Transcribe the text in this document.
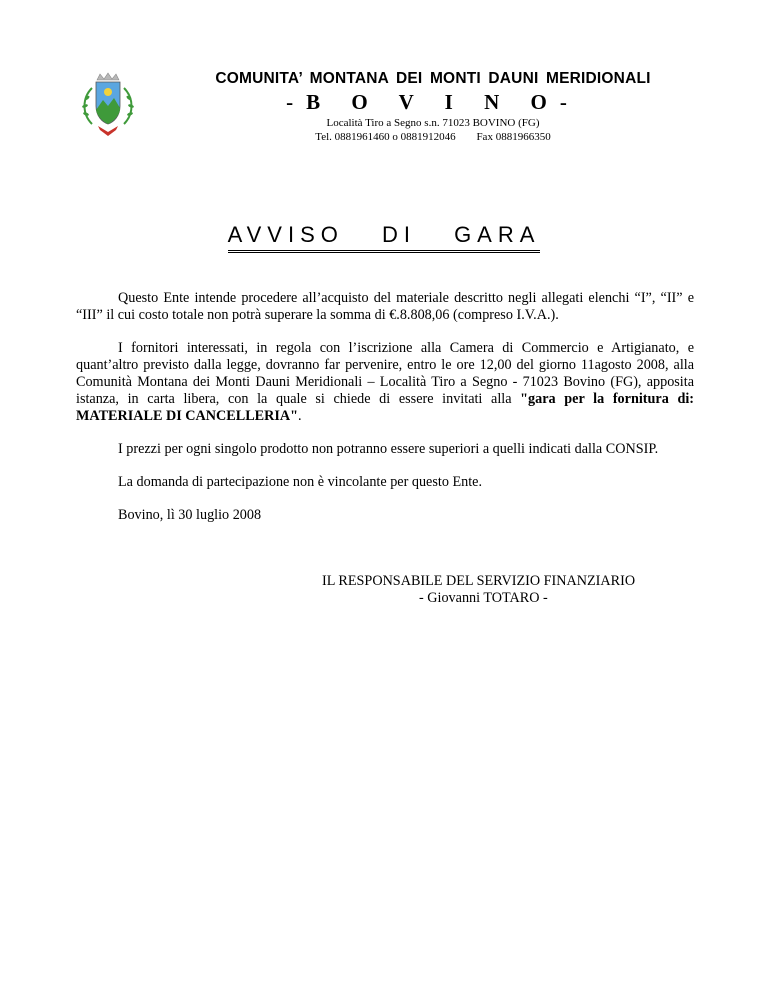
COMUNITA’ MONTANA DEI MONTI DAUNI MERIDIONALI
-B O V I N O-
Località Tiro a Segno s.n. 71023 BOVINO (FG)
Tel. 0881961460 o 0881912046 Fax 0881966350
AVVISO DI GARA

Questo Ente intende procedere all’acquisto del materiale descritto negli allegati elenchi “I”, “II” e “III” il cui costo totale non potrà superare la somma di €.8.808,06 (compreso I.V.A.).

I fornitori interessati, in regola con l’iscrizione alla Camera di Commercio e Artigianato, e quant’altro previsto dalla legge, dovranno far pervenire, entro le ore 12,00 del giorno 11agosto 2008, alla Comunità Montana dei Monti Dauni Meridionali – Località Tiro a Segno - 71023 Bovino (FG), apposita istanza, in carta libera, con la quale si chiede di essere invitati alla "gara per la fornitura di: MATERIALE DI CANCELLERIA".

I prezzi per ogni singolo prodotto non potranno essere superiori a quelli indicati dalla CONSIP.

La domanda di partecipazione non è vincolante per questo Ente.

Bovino, lì 30 luglio 2008

IL RESPONSABILE DEL SERVIZIO FINANZIARIO
- Giovanni TOTARO -
